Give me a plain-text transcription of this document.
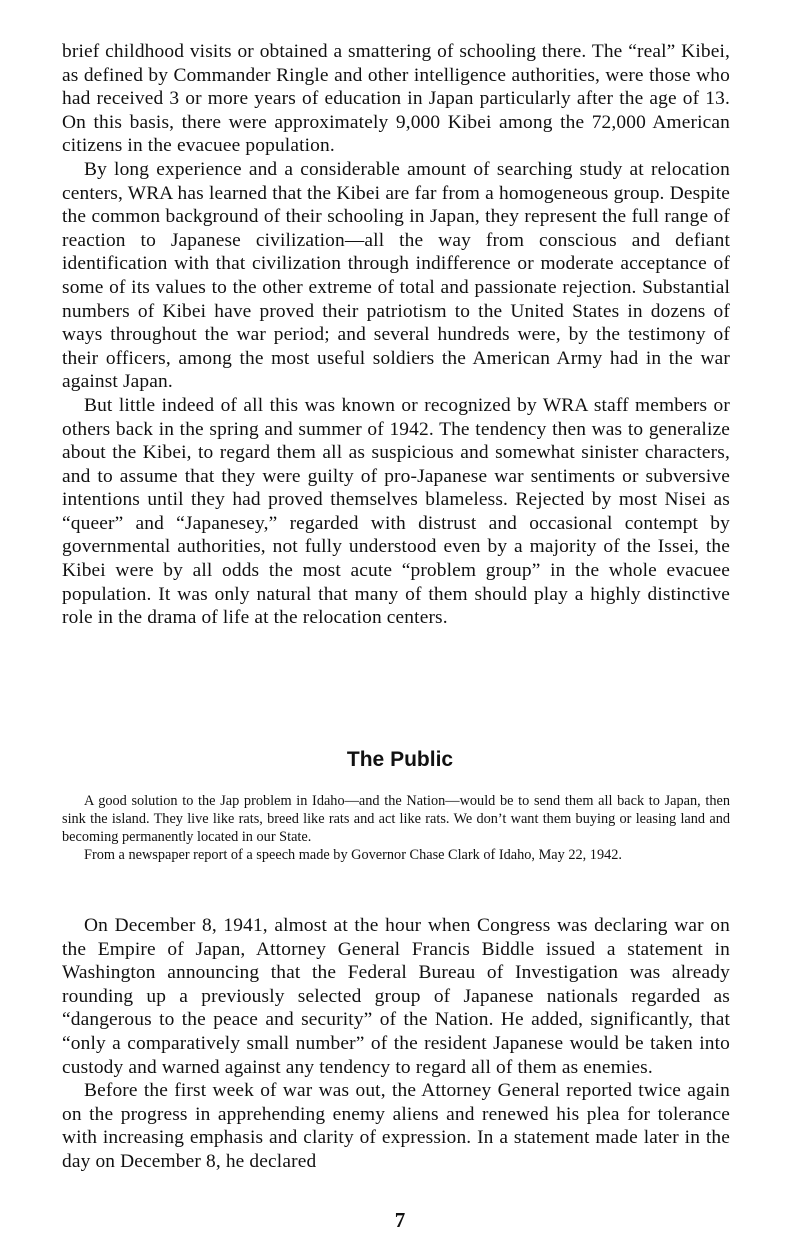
brief childhood visits or obtained a smattering of schooling there. The “real” Kibei, as defined by Commander Ringle and other intelligence authorities, were those who had received 3 or more years of education in Japan particularly after the age of 13. On this basis, there were approximately 9,000 Kibei among the 72,000 American citizens in the evacuee population.

By long experience and a considerable amount of searching study at relocation centers, WRA has learned that the Kibei are far from a homogeneous group. Despite the common background of their schooling in Japan, they represent the full range of reaction to Japanese civilization—all the way from conscious and defiant identification with that civilization through indifference or moderate acceptance of some of its values to the other extreme of total and passionate rejection. Substantial numbers of Kibei have proved their patriotism to the United States in dozens of ways throughout the war period; and several hundreds were, by the testimony of their officers, among the most useful soldiers the American Army had in the war against Japan.

But little indeed of all this was known or recognized by WRA staff members or others back in the spring and summer of 1942. The tendency then was to generalize about the Kibei, to regard them all as suspicious and somewhat sinister characters, and to assume that they were guilty of pro-Japanese war sentiments or subversive intentions until they had proved themselves blameless. Rejected by most Nisei as “queer” and “Japanesey,” regarded with distrust and occasional contempt by governmental authorities, not fully understood even by a majority of the Issei, the Kibei were by all odds the most acute “problem group” in the whole evacuee population. It was only natural that many of them should play a highly distinctive role in the drama of life at the relocation centers.

The Public

A good solution to the Jap problem in Idaho—and the Nation—would be to send them all back to Japan, then sink the island. They live like rats, breed like rats and act like rats. We don’t want them buying or leasing land and becoming permanently located in our State.

From a newspaper report of a speech made by Governor Chase Clark of Idaho, May 22, 1942.

On December 8, 1941, almost at the hour when Congress was declaring war on the Empire of Japan, Attorney General Francis Biddle issued a statement in Washington announcing that the Federal Bureau of Investigation was already rounding up a previously selected group of Japanese nationals regarded as “dangerous to the peace and security” of the Nation. He added, significantly, that “only a comparatively small number” of the resident Japanese would be taken into custody and warned against any tendency to regard all of them as enemies.

Before the first week of war was out, the Attorney General reported twice again on the progress in apprehending enemy aliens and renewed his plea for tolerance with increasing emphasis and clarity of expression. In a statement made later in the day on December 8, he declared

7
